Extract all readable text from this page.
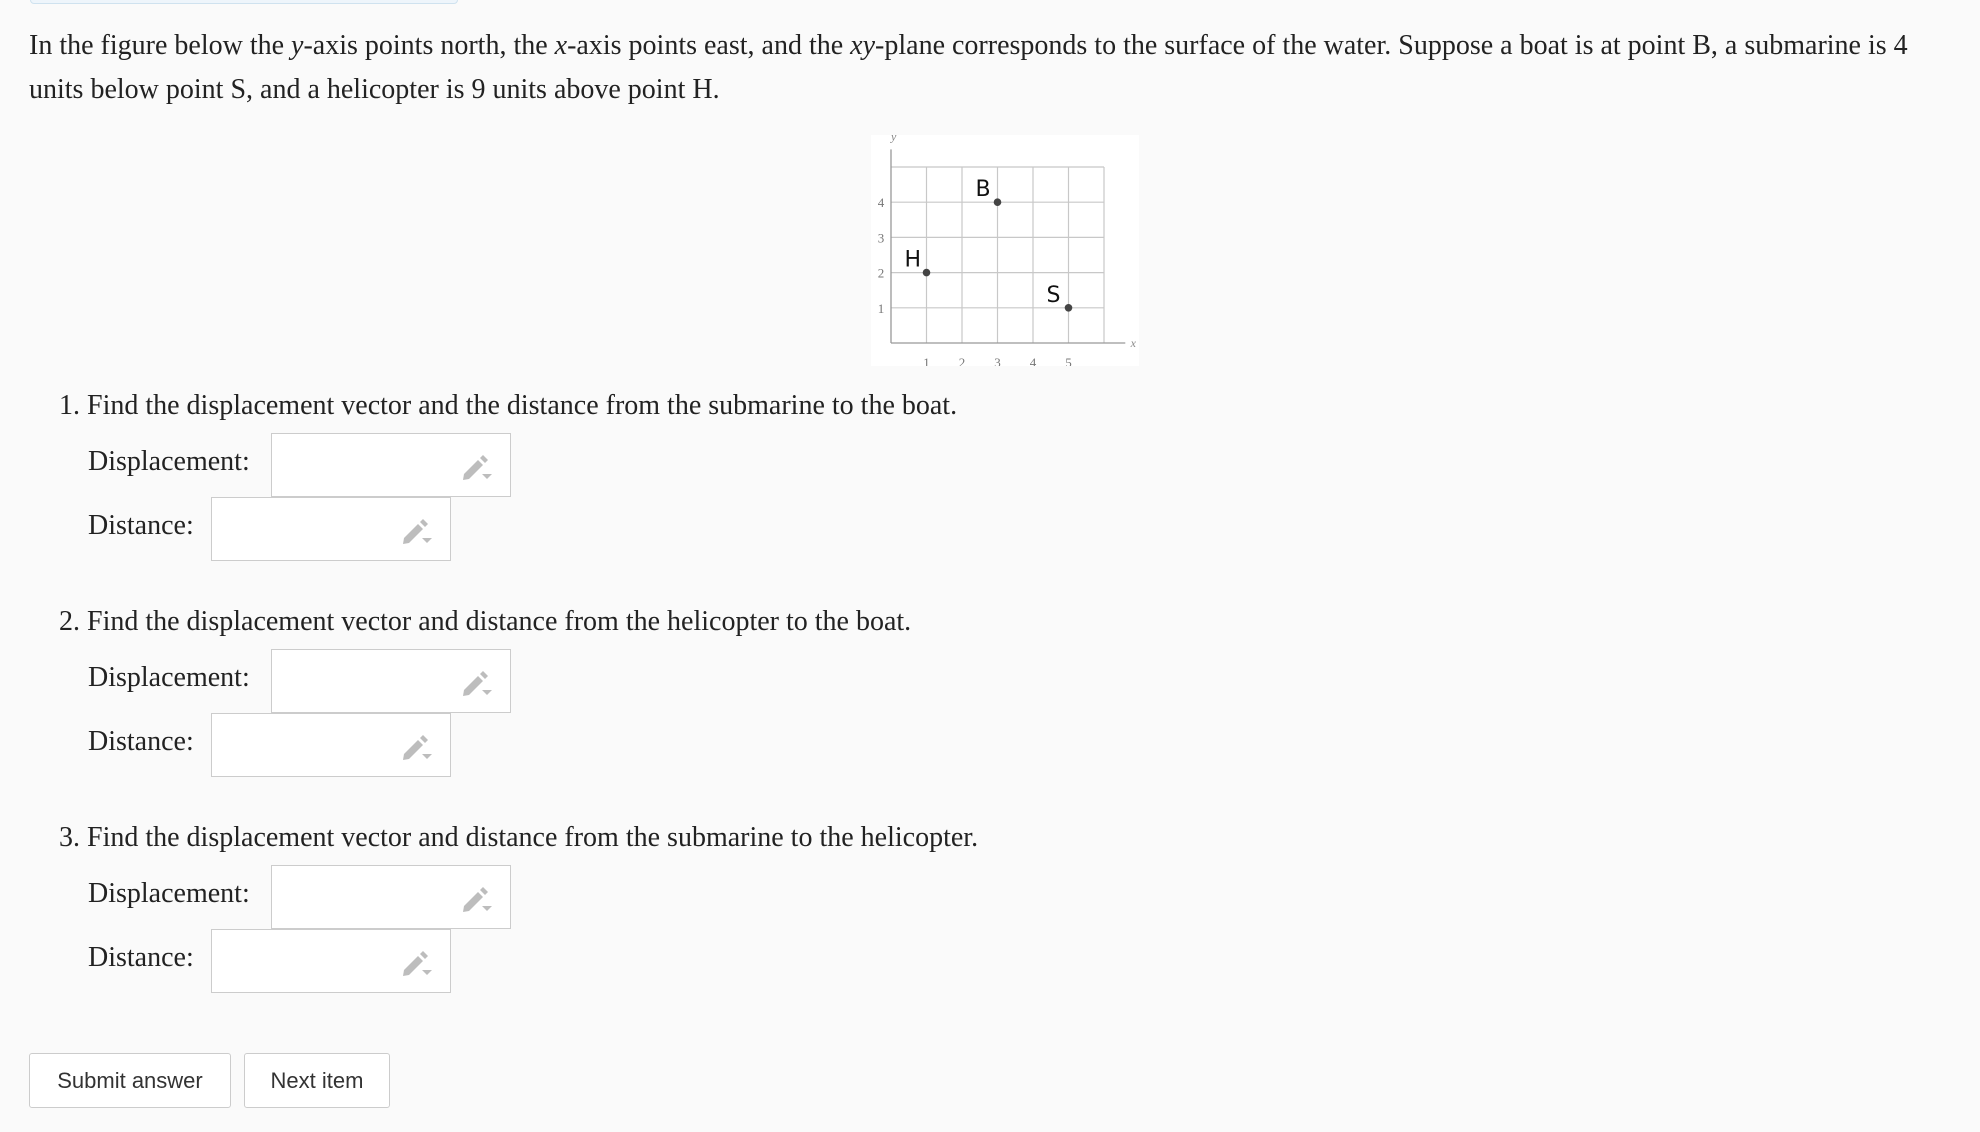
In the figure below the y-axis points north, the x-axis points east, and the xy-plane corresponds to the surface of the water. Suppose a boat is at point B, a submarine is 4 units below point S, and a helicopter is 9 units above point H.
x
y
1 2 3 4 5
1
2
3
4
B
H
S
1. Find the displacement vector and the distance from the submarine to the boat.
Displacement:
Distance:
2. Find the displacement vector and distance from the helicopter to the boat.
Displacement:
Distance:
3. Find the displacement vector and distance from the submarine to the helicopter.
Displacement:
Distance:
Submit answer	Next item
